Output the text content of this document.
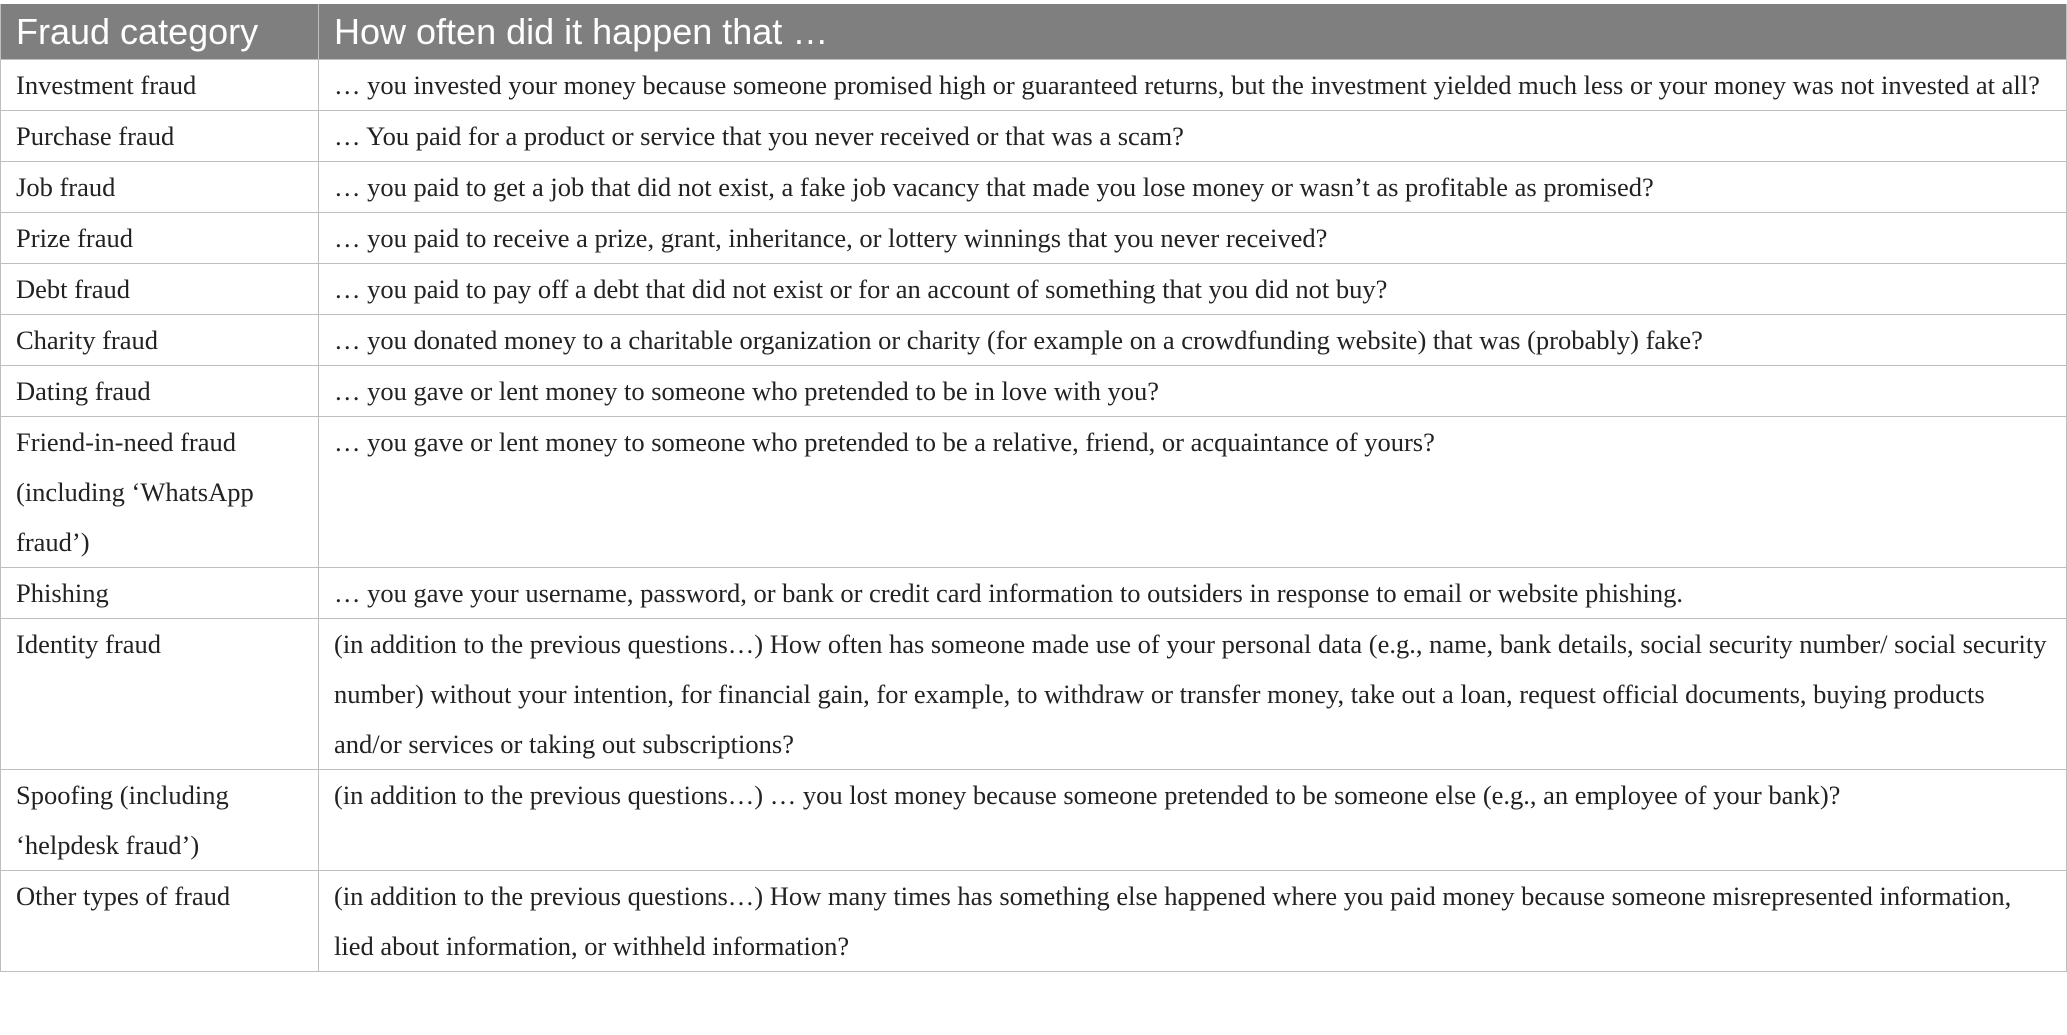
Fraud category	How often did it happen that …
Investment fraud	… you invested your money because someone promised high or guaranteed returns, but the investment yielded much less or your money was not invested at all?
Purchase fraud	… You paid for a product or service that you never received or that was a scam?
Job fraud	… you paid to get a job that did not exist, a fake job vacancy that made you lose money or wasn’t as profitable as promised?
Prize fraud	… you paid to receive a prize, grant, inheritance, or lottery winnings that you never received?
Debt fraud	… you paid to pay off a debt that did not exist or for an account of something that you did not buy?
Charity fraud	… you donated money to a charitable organization or charity (for example on a crowdfunding website) that was (probably) fake?
Dating fraud	… you gave or lent money to someone who pretended to be in love with you?
Friend-in-need fraud (including ‘WhatsApp fraud’)	… you gave or lent money to someone who pretended to be a relative, friend, or acquaintance of yours?
Phishing	… you gave your username, password, or bank or credit card information to outsiders in response to email or website phishing.
Identity fraud	(in addition to the previous questions…) How often has someone made use of your personal data (e.g., name, bank details, social security number/ social security number) without your intention, for financial gain, for example, to withdraw or transfer money, take out a loan, request official documents, buying products and/or services or taking out subscriptions?
Spoofing (including ‘helpdesk fraud’)	(in addition to the previous questions…) … you lost money because someone pretended to be someone else (e.g., an employee of your bank)?
Other types of fraud	(in addition to the previous questions…) How many times has something else happened where you paid money because someone misrepresented information, lied about information, or withheld information?
